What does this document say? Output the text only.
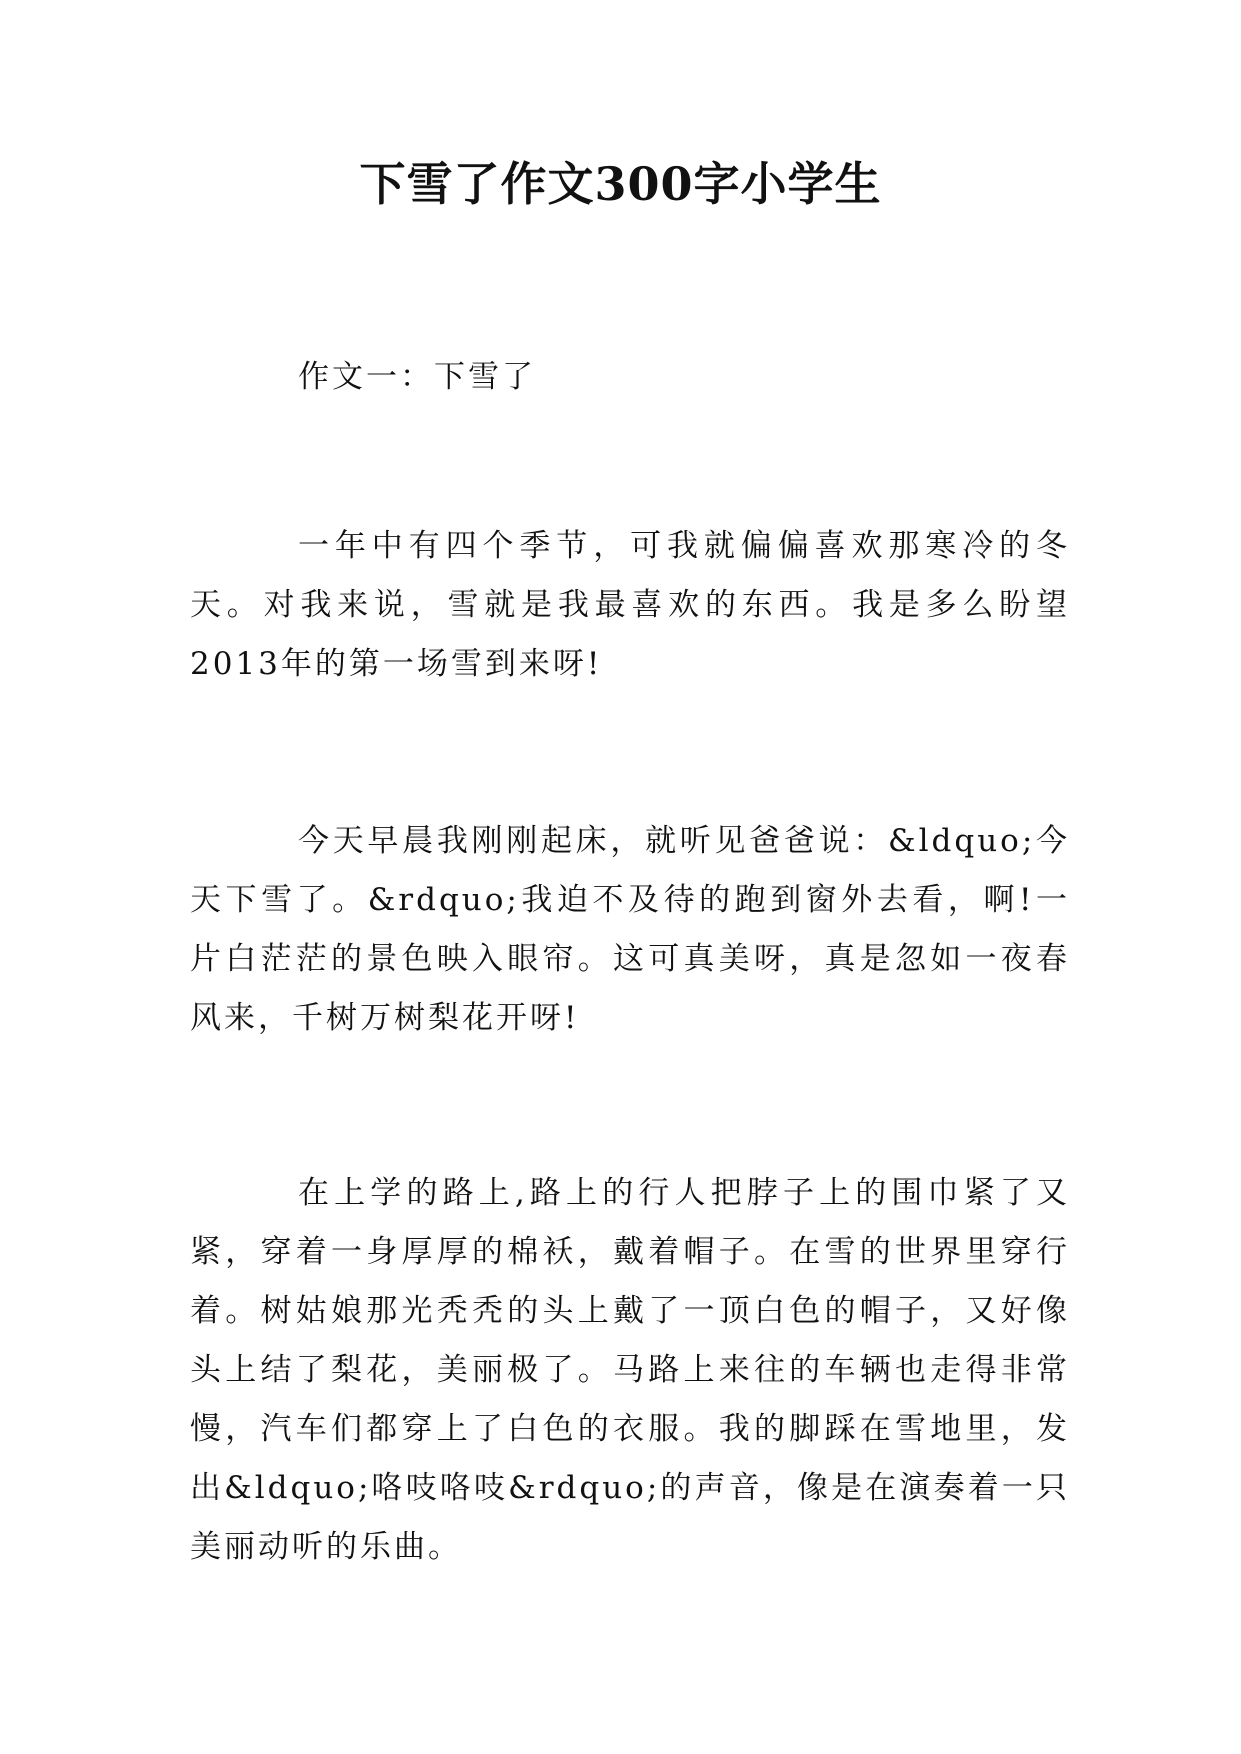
下雪了作文300字小学生

作文一：下雪了

一年中有四个季节，可我就偏偏喜欢那寒冷的冬天。对我来说，雪就是我最喜欢的东西。我是多么盼望2013年的第一场雪到来呀!

今天早晨我刚刚起床，就听见爸爸说：&ldquo;今天下雪了。&rdquo;我迫不及待的跑到窗外去看，啊!一片白茫茫的景色映入眼帘。这可真美呀，真是忽如一夜春风来，千树万树梨花开呀!

在上学的路上,路上的行人把脖子上的围巾紧了又紧，穿着一身厚厚的棉袄，戴着帽子。在雪的世界里穿行着。树姑娘那光秃秃的头上戴了一顶白色的帽子，又好像头上结了梨花，美丽极了。马路上来往的车辆也走得非常慢，汽车们都穿上了白色的衣服。我的脚踩在雪地里，发出&ldquo;咯吱咯吱&rdquo;的声音，像是在演奏着一只美丽动听的乐曲。
